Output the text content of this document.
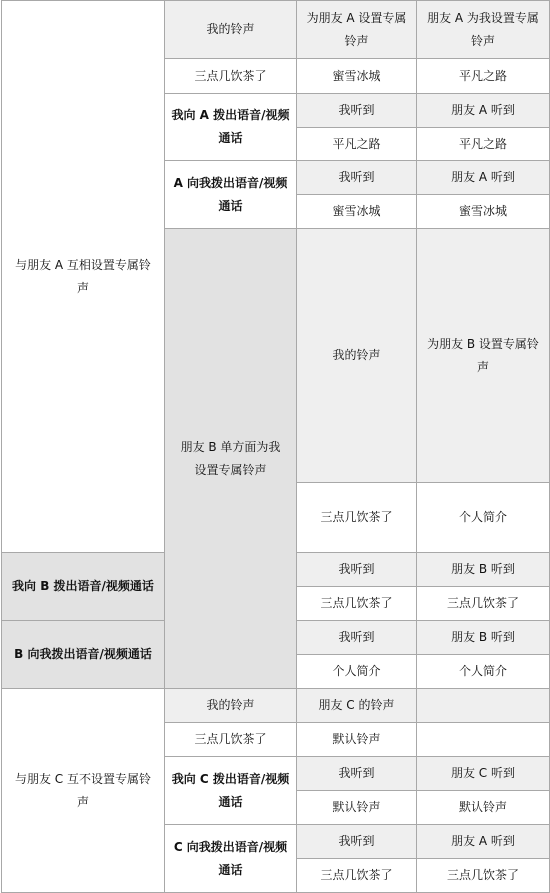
与朋友 A 互相设置专属铃声	我的铃声	为朋友 A 设置专属铃声	朋友 A 为我设置专属铃声	
	三点几饮茶了	蜜雪冰城	平凡之路	
	我向 A 拨出语音/视频通话	我听到	朋友 A 听到	
		平凡之路	平凡之路	
	A 向我拨出语音/视频通话	我听到	朋友 A 听到	
		蜜雪冰城	蜜雪冰城	
	朋友 B 单方面为我设置专属铃声	我的铃声	为朋友 B 设置专属铃声	
		三点几饮茶了	个人简介	
我向 B 拨出语音/视频通话		我听到	朋友 B 听到	
		三点几饮茶了	三点几饮茶了	
B 向我拨出语音/视频通话		我听到	朋友 B 听到	
		个人简介	个人简介	
与朋友 C 互不设置专属铃声	我的铃声	朋友 C 的铃声		
	三点几饮茶了	默认铃声		
	我向 C 拨出语音/视频通话	我听到	朋友 C 听到	
		默认铃声	默认铃声	
	C 向我拨出语音/视频通话	我听到	朋友 A 听到	
		三点几饮茶了	三点几饮茶了	
